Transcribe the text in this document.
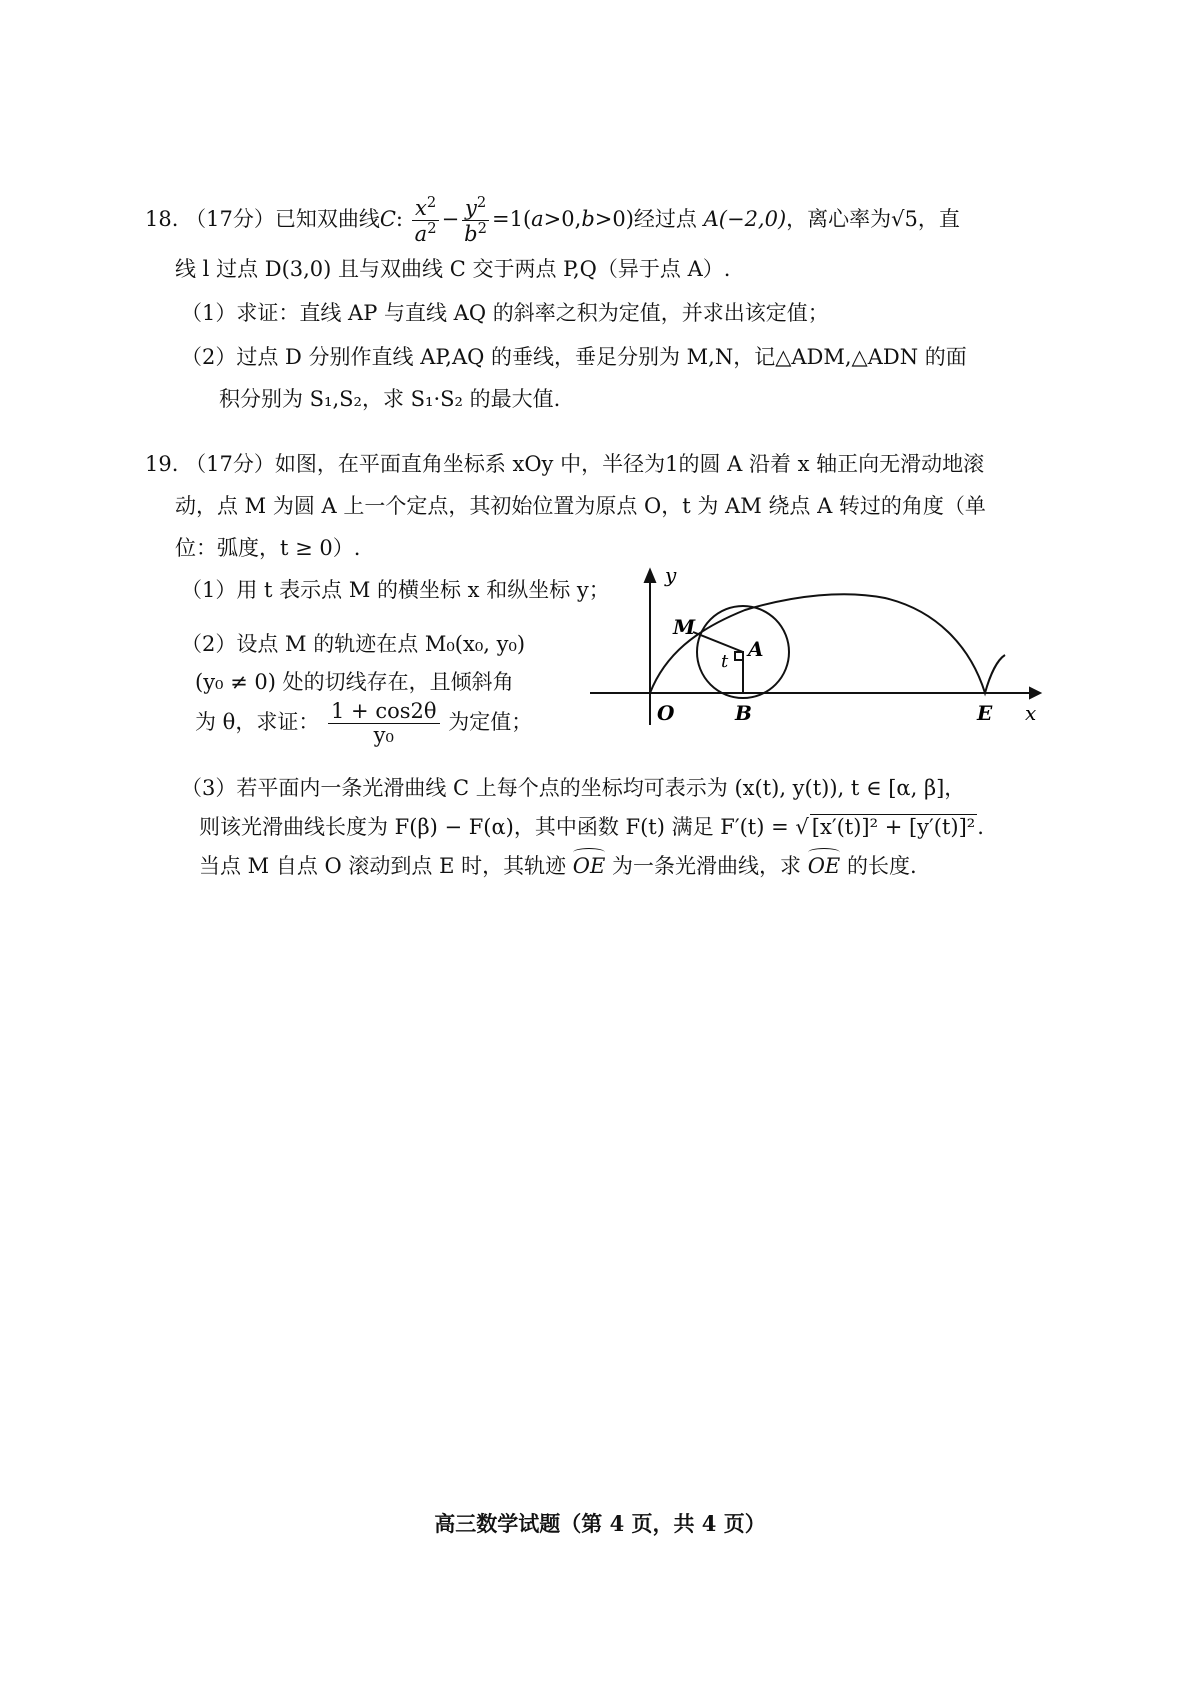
18. （17分）已知双曲线C: $\frac{x^2}{a^2} - \frac{y^2}{b^2} =1(a>0,b>0)$经过点 A(−2,0)，离心率为√5，直
线 l 过点 D(3,0) 且与双曲线 C 交于两点 P,Q（异于点 A）.
（1）求证：直线 AP 与直线 AQ 的斜率之积为定值，并求出该定值；
（2）过点 D 分别作直线 AP,AQ 的垂线，垂足分别为 M,N，记△ADM,△ADN 的面
积分别为 S₁,S₂，求 S₁·S₂ 的最大值.
19. （17分）如图，在平面直角坐标系 xOy 中，半径为1的圆 A 沿着 x 轴正向无滑动地滚
动，点 M 为圆 A 上一个定点，其初始位置为原点 O，t 为 AM 绕点 A 转过的角度（单
位：弧度，t ≥ 0）.
（1）用 t 表示点 M 的横坐标 x 和纵坐标 y；
（2）设点 M 的轨迹在点 M₀(x₀, y₀)
(y₀ ≠ 0) 处的切线存在，且倾斜角
为 θ，求证： $\frac{1 + \cos 2\theta}{\text{y₀}}$ 为定值；
（3）若平面内一条光滑曲线 C 上每个点的坐标均可表示为 (x(t), y(t)), t ∈ [α, β]，
则该光滑曲线长度为 F(β) − F(α)，其中函数 F(t) 满足 F′(t) = √ [x′(t)]² + [y′(t)]².
当点 M 自点 O 滚动到点 E 时，其轨迹 OE 为一条光滑曲线，求 OE 的长度.
y
x
O	B	E
M
A
t
高三数学试题（第 4 页，共 4 页）
